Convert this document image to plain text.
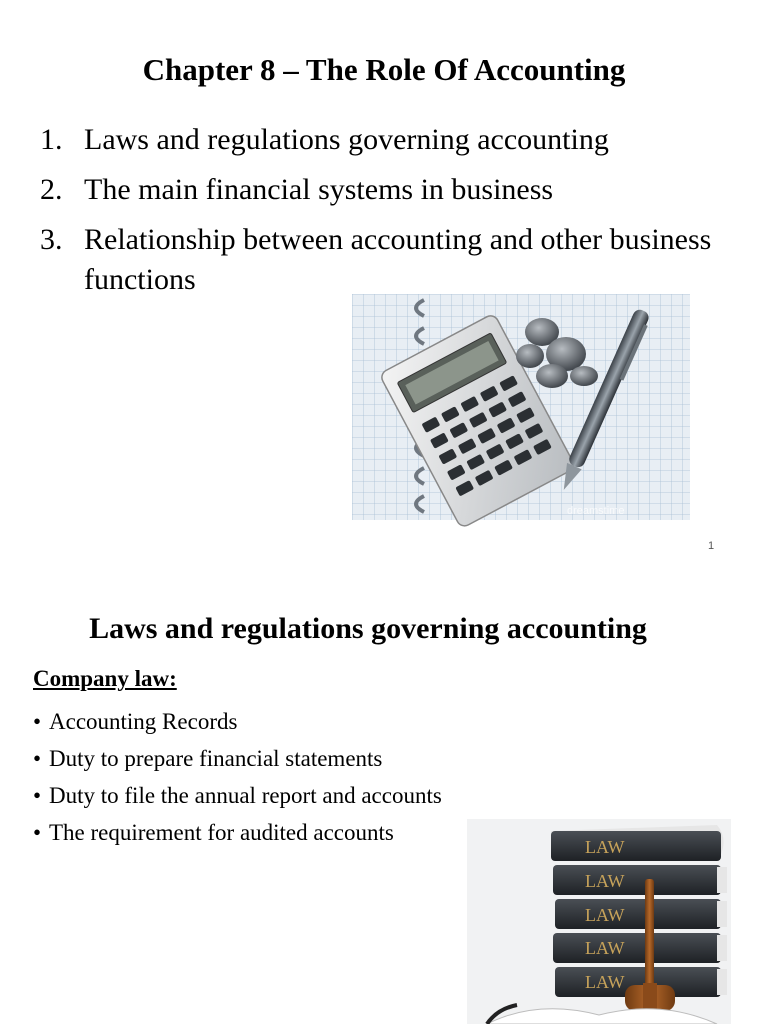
Chapter 8 – The Role Of Accounting
1. Laws and regulations governing accounting
2. The main financial systems in business
3. Relationship between accounting and other business functions
dreamstime
1
Laws and regulations governing accounting
Company law:
• Accounting Records
• Duty to prepare financial statements
• Duty to file the annual report and accounts
• The requirement for audited accounts
LAW
LAW
LAW
LAW
LAW
